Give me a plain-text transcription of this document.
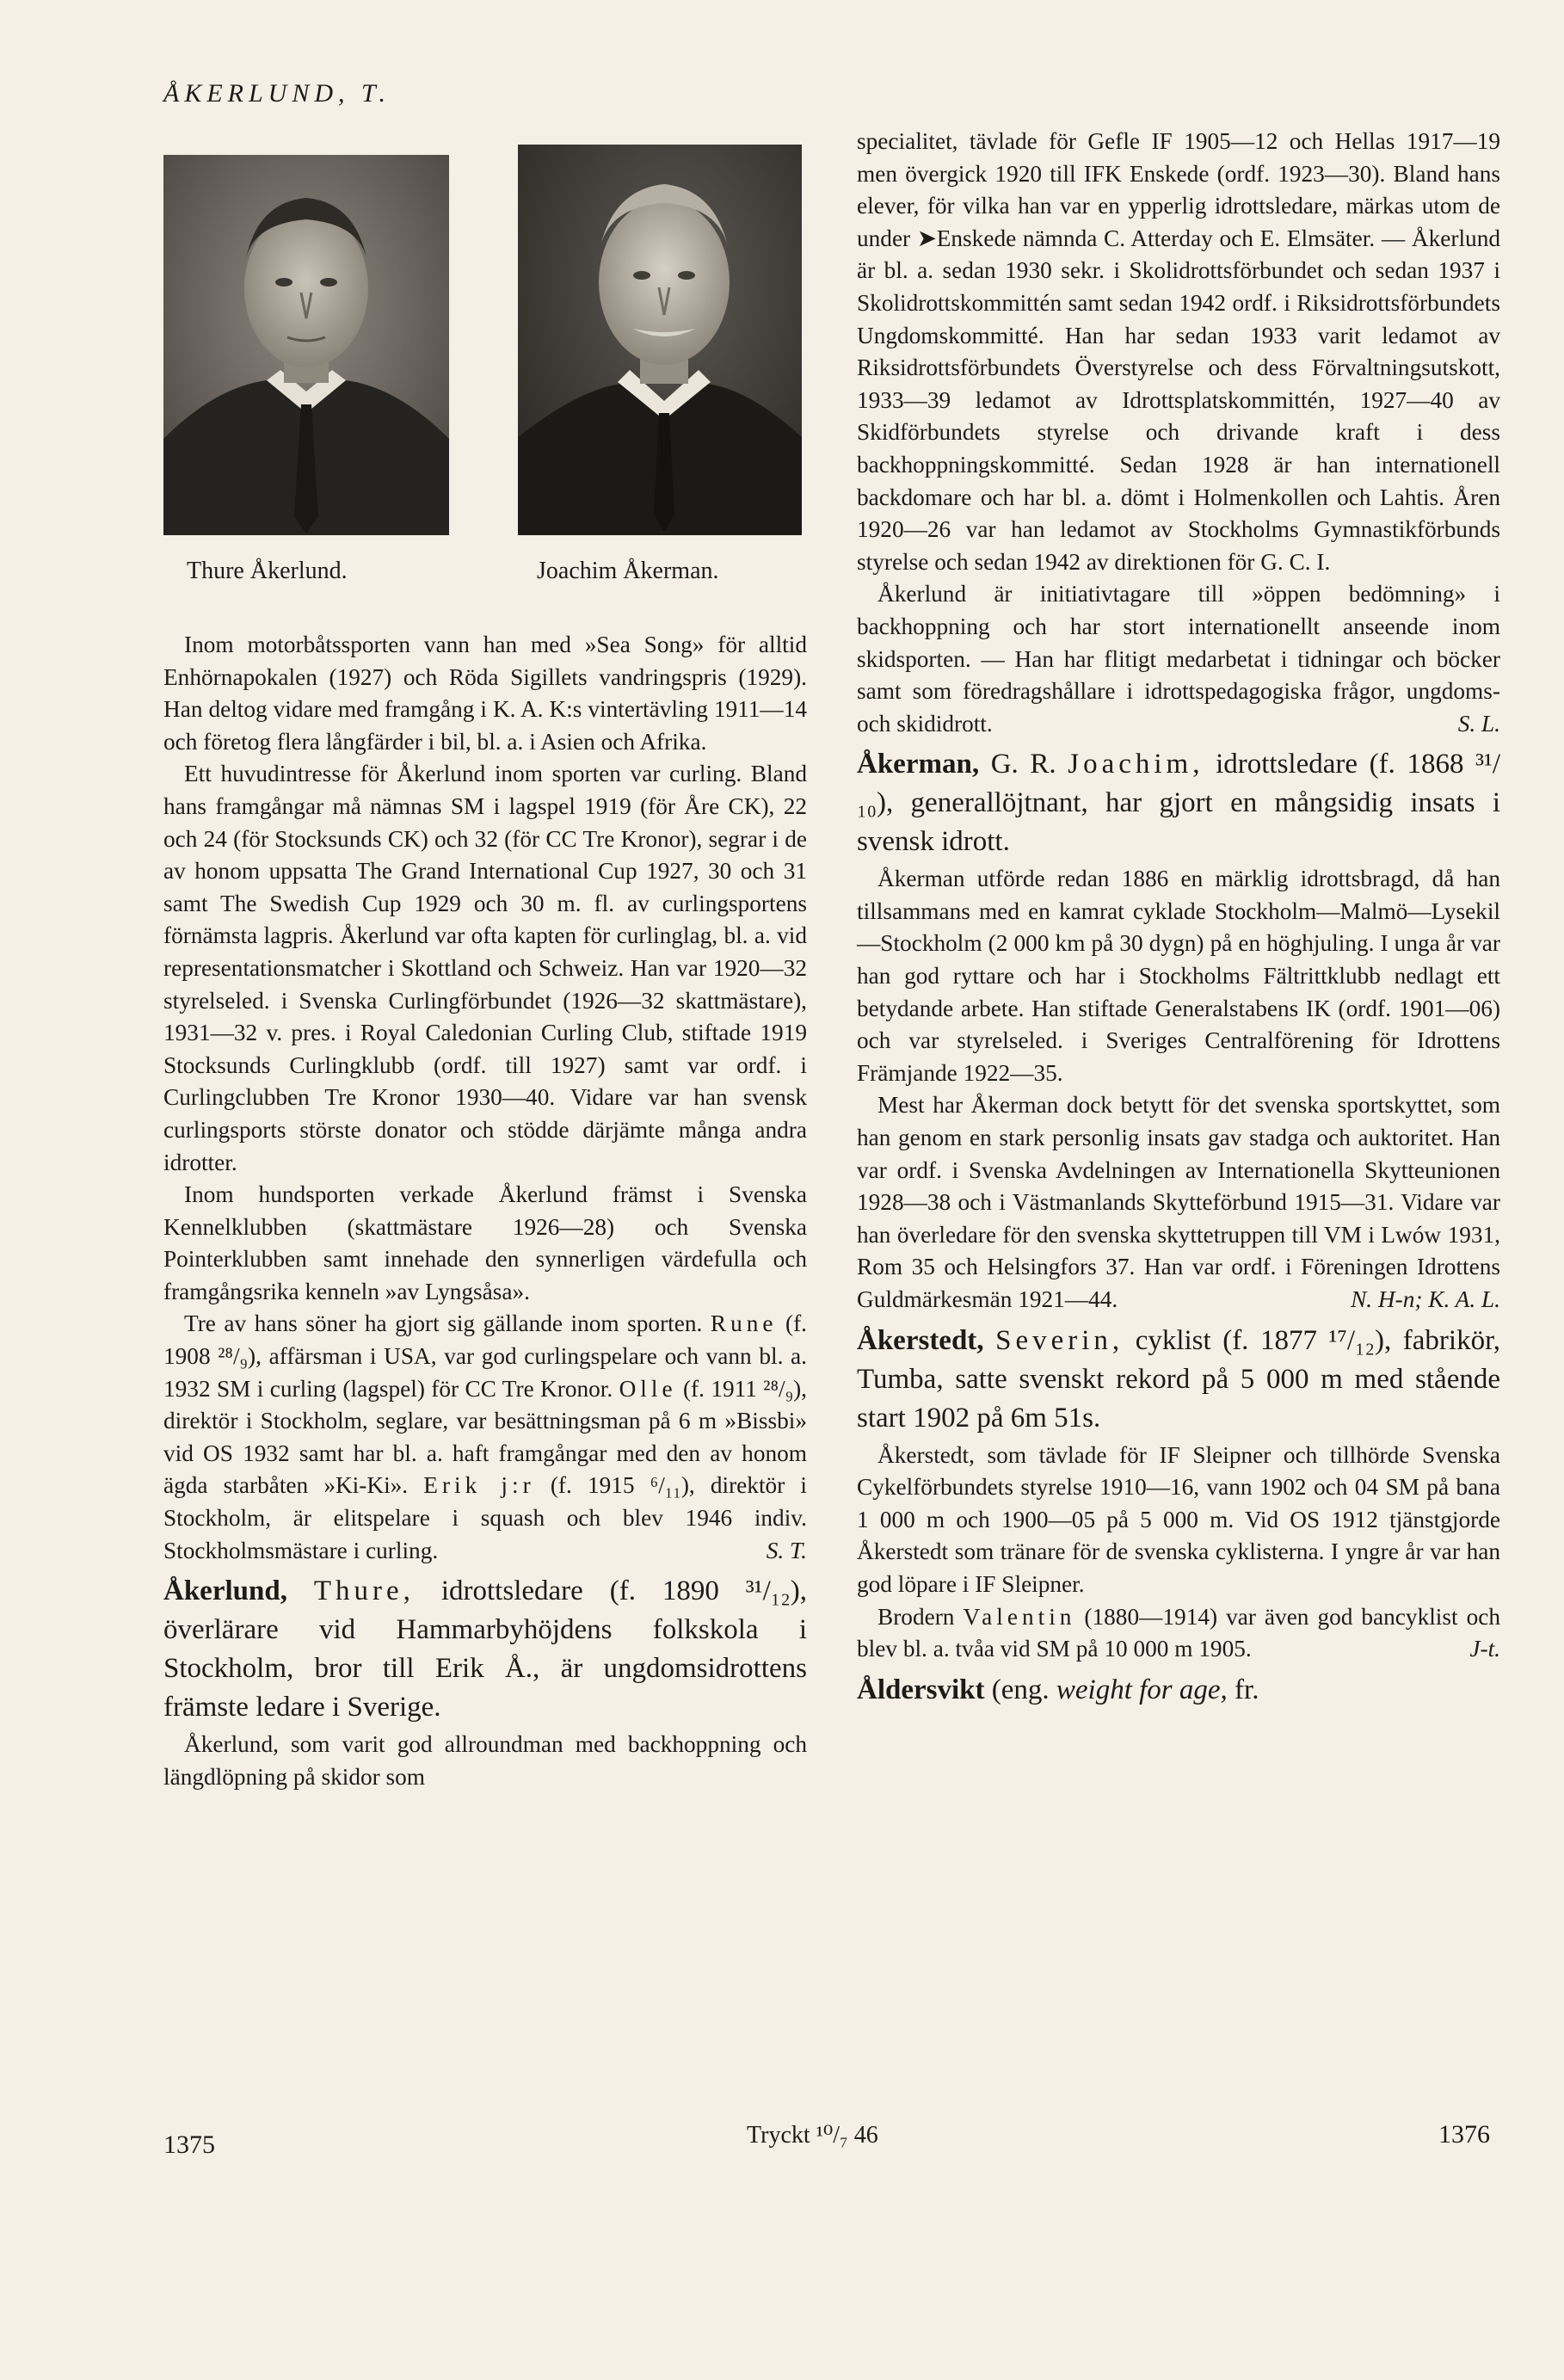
ÅKERLUND, T.
Thure Åkerlund.	Joachim Åkerman.

Inom motorbåtssporten vann han med »Sea Song» för alltid Enhörnapokalen (1927) och Röda Sigillets vandringspris (1929). Han deltog vidare med framgång i K. A. K:s vintertävling 1911—14 och företog flera långfärder i bil, bl. a. i Asien och Afrika.

Ett huvudintresse för Åkerlund inom sporten var curling. Bland hans framgångar må nämnas SM i lagspel 1919 (för Åre CK), 22 och 24 (för Stocksunds CK) och 32 (för CC Tre Kronor), segrar i de av honom uppsatta The Grand International Cup 1927, 30 och 31 samt The Swedish Cup 1929 och 30 m. fl. av curlingsportens förnämsta lagpris. Åkerlund var ofta kapten för curlinglag, bl. a. vid representationsmatcher i Skottland och Schweiz. Han var 1920—32 styrelseled. i Svenska Curlingförbundet (1926—32 skattmästare), 1931—32 v. pres. i Royal Caledonian Curling Club, stiftade 1919 Stocksunds Curlingklubb (ordf. till 1927) samt var ordf. i Curlingclubben Tre Kronor 1930—40. Vidare var han svensk curlingsports störste donator och stödde därjämte många andra idrotter.

Inom hundsporten verkade Åkerlund främst i Svenska Kennelklubben (skattmästare 1926—28) och Svenska Pointerklubben samt innehade den synnerligen värdefulla och framgångsrika kenneln »av Lyngsåsa».

Tre av hans söner ha gjort sig gällande inom sporten. Rune (f. 1908 ²⁸/₉), affärsman i USA, var god curlingspelare och vann bl. a. 1932 SM i curling (lagspel) för CC Tre Kronor. Olle (f. 1911 ²⁸/₉), direktör i Stockholm, seglare, var besättningsman på 6 m »Bissbi» vid OS 1932 samt har bl. a. haft framgångar med den av honom ägda starbåten »Ki-Ki». Erik j:r (f. 1915 ⁶/₁₁), direktör i Stockholm, är elitspelare i squash och blev 1946 indiv. Stockholmsmästare i curling.	S. T.

Åkerlund, Thure, idrottsledare (f. 1890 ³¹/₁₂), överlärare vid Hammarbyhöjdens folkskola i Stockholm, bror till Erik Å., är ungdomsidrottens främste ledare i Sverige.

Åkerlund, som varit god allroundman med backhoppning och längdlöpning på skidor som

specialitet, tävlade för Gefle IF 1905—12 och Hellas 1917—19 men övergick 1920 till IFK Enskede (ordf. 1923—30). Bland hans elever, för vilka han var en ypperlig idrottsledare, märkas utom de under ➤Enskede nämnda C. Atterday och E. Elmsäter. — Åkerlund är bl. a. sedan 1930 sekr. i Skolidrottsförbundet och sedan 1937 i Skolidrottskommittén samt sedan 1942 ordf. i Riksidrottsförbundets Ungdomskommitté. Han har sedan 1933 varit ledamot av Riksidrottsförbundets Överstyrelse och dess Förvaltningsutskott, 1933—39 ledamot av Idrottsplatskommittén, 1927—40 av Skidförbundets styrelse och drivande kraft i dess backhoppningskommitté. Sedan 1928 är han internationell backdomare och har bl. a. dömt i Holmenkollen och Lahtis. Åren 1920—26 var han ledamot av Stockholms Gymnastikförbunds styrelse och sedan 1942 av direktionen för G. C. I.

Åkerlund är initiativtagare till »öppen bedömning» i backhoppning och har stort internationellt anseende inom skidsporten. — Han har flitigt medarbetat i tidningar och böcker samt som föredragshållare i idrottspedagogiska frågor, ungdoms- och skididrott.	S. L.

Åkerman, G. R. Joachim, idrottsledare (f. 1868 ³¹/₁₀), generallöjtnant, har gjort en mångsidig insats i svensk idrott.

Åkerman utförde redan 1886 en märklig idrottsbragd, då han tillsammans med en kamrat cyklade Stockholm—Malmö—Lysekil—Stockholm (2 000 km på 30 dygn) på en höghjuling. I unga år var han god ryttare och har i Stockholms Fältrittklubb nedlagt ett betydande arbete. Han stiftade Generalstabens IK (ordf. 1901—06) och var styrelseled. i Sveriges Centralförening för Idrottens Främjande 1922—35.

Mest har Åkerman dock betytt för det svenska sportskyttet, som han genom en stark personlig insats gav stadga och auktoritet. Han var ordf. i Svenska Avdelningen av Internationella Skytteunionen 1928—38 och i Västmanlands Skytteförbund 1915—31. Vidare var han överledare för den svenska skyttetruppen till VM i Lwów 1931, Rom 35 och Helsingfors 37. Han var ordf. i Föreningen Idrottens Guldmärkesmän 1921—44.	N. H-n; K. A. L.

Åkerstedt, Severin, cyklist (f. 1877 ¹⁷/₁₂), fabrikör, Tumba, satte svenskt rekord på 5 000 m med stående start 1902 på 6m 51s.

Åkerstedt, som tävlade för IF Sleipner och tillhörde Svenska Cykelförbundets styrelse 1910—16, vann 1902 och 04 SM på bana 1 000 m och 1900—05 på 5 000 m. Vid OS 1912 tjänstgjorde Åkerstedt som tränare för de svenska cyklisterna. I yngre år var han god löpare i IF Sleipner.

Brodern Valentin (1880—1914) var även god bancyklist och blev bl. a. tvåa vid SM på 10 000 m 1905.	J-t.

Åldersvikt (eng. weight for age, fr.

1375	Tryckt ¹⁰/₇ 46	1376
